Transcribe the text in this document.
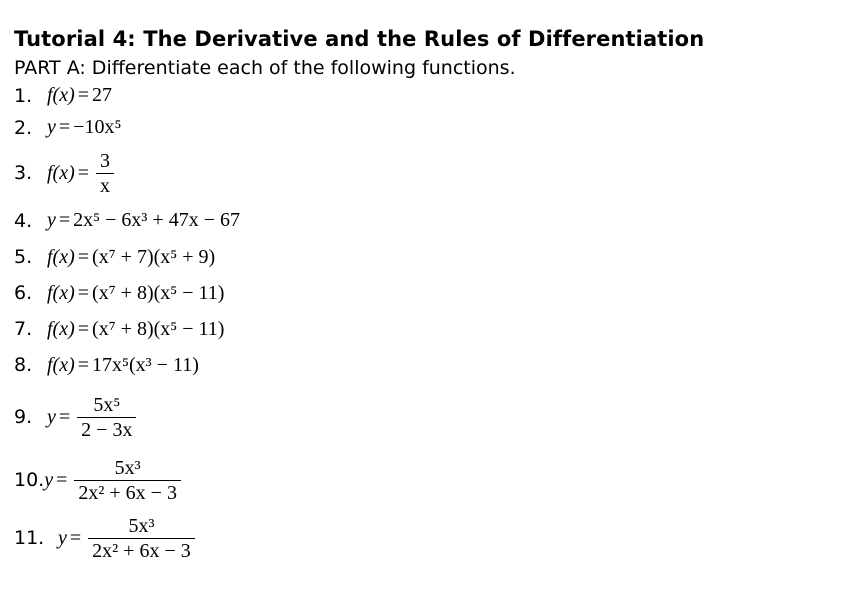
Tutorial 4: The Derivative and the Rules of Differentiation
PART A: Differentiate each of the following functions.
1. f(x) = 27
2. y = −10x⁵
3. $f(x) = \frac{3}{x}$
4. y = 2x⁵ − 6x³ + 47x − 67
5. f(x) = (x⁷ + 7)(x⁵ + 9)
6. f(x) = (x⁷ + 8)(x⁵ − 11)
7. f(x) = (x⁷ + 8)(x⁵ − 11)
8. f(x) = 17x⁵(x³ − 11)
9. $y = \frac{\text{5x⁵}}{2 - 3x}$
10. $y = \frac{\text{5x³}}{\text{2x² + 6x − 3}}$
11. $y = \frac{\text{5x³}}{\text{2x² + 6x − 3}}$
